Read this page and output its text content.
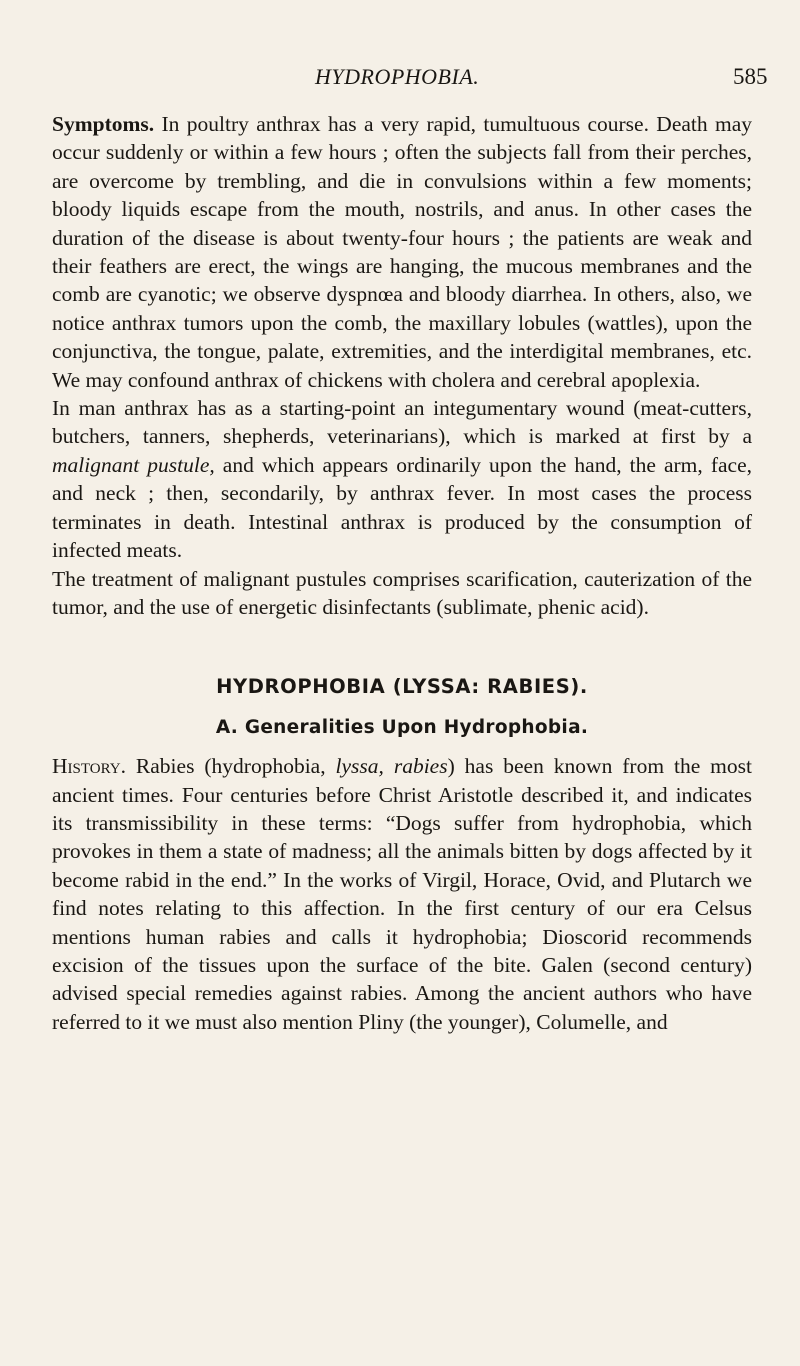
HYDROPHOBIA.	585

Symptoms. In poultry anthrax has a very rapid, tumultuous course. Death may occur suddenly or within a few hours ; often the subjects fall from their perches, are overcome by trembling, and die in convulsions within a few moments; bloody liquids escape from the mouth, nostrils, and anus. In other cases the duration of the disease is about twenty-four hours ; the patients are weak and their feathers are erect, the wings are hanging, the mucous membranes and the comb are cyanotic; we observe dyspnœa and bloody diarrhea. In others, also, we notice anthrax tumors upon the comb, the maxillary lobules (wattles), upon the conjunctiva, the tongue, palate, extremities, and the interdigital membranes, etc. We may confound anthrax of chickens with cholera and cerebral apoplexia.

In man anthrax has as a starting-point an integumentary wound (meat-cutters, butchers, tanners, shepherds, veterinarians), which is marked at first by a malignant pustule, and which appears ordinarily upon the hand, the arm, face, and neck ; then, secondarily, by anthrax fever. In most cases the process terminates in death. Intestinal anthrax is produced by the consumption of infected meats.

The treatment of malignant pustules comprises scarification, cauterization of the tumor, and the use of energetic disinfectants (sublimate, phenic acid).

HYDROPHOBIA (LYSSA: RABIES).
A. Generalities Upon Hydrophobia.

History. Rabies (hydrophobia, lyssa, rabies) has been known from the most ancient times. Four centuries before Christ Aristotle described it, and indicates its transmissibility in these terms: “Dogs suffer from hydrophobia, which provokes in them a state of madness; all the animals bitten by dogs affected by it become rabid in the end.” In the works of Virgil, Horace, Ovid, and Plutarch we find notes relating to this affection. In the first century of our era Celsus mentions human rabies and calls it hydrophobia; Dioscorid recommends excision of the tissues upon the surface of the bite. Galen (second century) advised special remedies against rabies. Among the ancient authors who have referred to it we must also mention Pliny (the younger), Columelle, and
